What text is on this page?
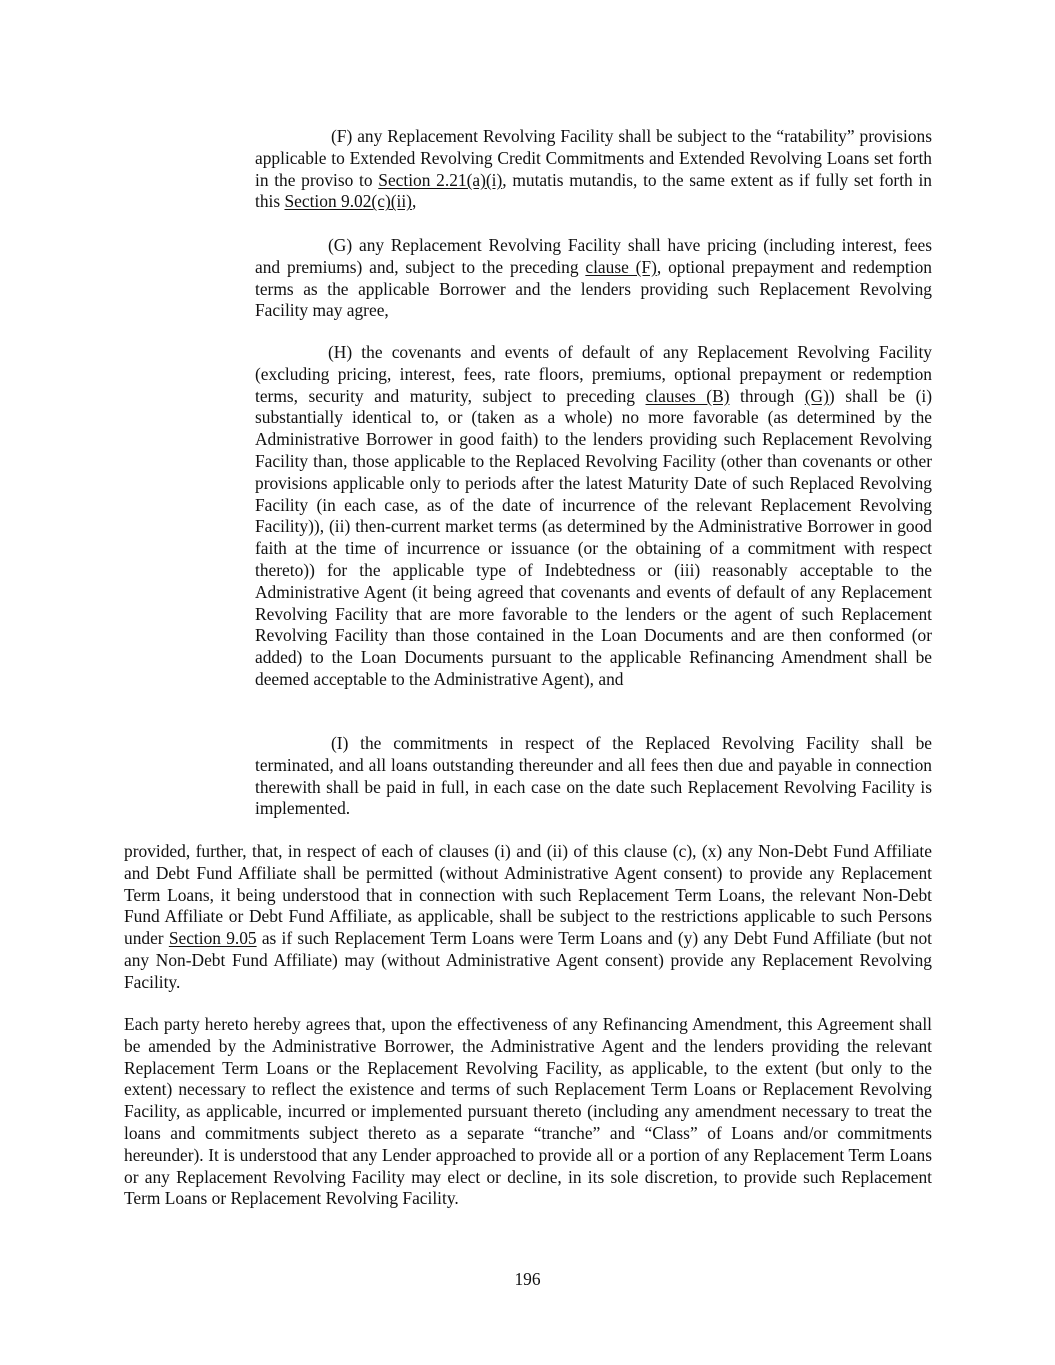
(F) any Replacement Revolving Facility shall be subject to the “ratability” provisions applicable to Extended Revolving Credit Commitments and Extended Revolving Loans set forth in the proviso to Section 2.21(a)(i), mutatis mutandis, to the same extent as if fully set forth in this Section 9.02(c)(ii),

(G) any Replacement Revolving Facility shall have pricing (including interest, fees and premiums) and, subject to the preceding clause (F), optional prepayment and redemption terms as the applicable Borrower and the lenders providing such Replacement Revolving Facility may agree,

(H) the covenants and events of default of any Replacement Revolving Facility (excluding pricing, interest, fees, rate floors, premiums, optional prepayment or redemption terms, security and maturity, subject to preceding clauses (B) through (G)) shall be (i) substantially identical to, or (taken as a whole) no more favorable (as determined by the Administrative Borrower in good faith) to the lenders providing such Replacement Revolving Facility than, those applicable to the Replaced Revolving Facility (other than covenants or other provisions applicable only to periods after the latest Maturity Date of such Replaced Revolving Facility (in each case, as of the date of incurrence of the relevant Replacement Revolving Facility)), (ii) then-current market terms (as determined by the Administrative Borrower in good faith at the time of incurrence or issuance (or the obtaining of a commitment with respect thereto)) for the applicable type of Indebtedness or (iii) reasonably acceptable to the Administrative Agent (it being agreed that covenants and events of default of any Replacement Revolving Facility that are more favorable to the lenders or the agent of such Replacement Revolving Facility than those contained in the Loan Documents and are then conformed (or added) to the Loan Documents pursuant to the applicable Refinancing Amendment shall be deemed acceptable to the Administrative Agent), and

(I) the commitments in respect of the Replaced Revolving Facility shall be terminated, and all loans outstanding thereunder and all fees then due and payable in connection therewith shall be paid in full, in each case on the date such Replacement Revolving Facility is implemented.

provided, further, that, in respect of each of clauses (i) and (ii) of this clause (c), (x) any Non-Debt Fund Affiliate and Debt Fund Affiliate shall be permitted (without Administrative Agent consent) to provide any Replacement Term Loans, it being understood that in connection with such Replacement Term Loans, the relevant Non-Debt Fund Affiliate or Debt Fund Affiliate, as applicable, shall be subject to the restrictions applicable to such Persons under Section 9.05 as if such Replacement Term Loans were Term Loans and (y) any Debt Fund Affiliate (but not any Non-Debt Fund Affiliate) may (without Administrative Agent consent) provide any Replacement Revolving Facility.

Each party hereto hereby agrees that, upon the effectiveness of any Refinancing Amendment, this Agreement shall be amended by the Administrative Borrower, the Administrative Agent and the lenders providing the relevant Replacement Term Loans or the Replacement Revolving Facility, as applicable, to the extent (but only to the extent) necessary to reflect the existence and terms of such Replacement Term Loans or Replacement Revolving Facility, as applicable, incurred or implemented pursuant thereto (including any amendment necessary to treat the loans and commitments subject thereto as a separate “tranche” and “Class” of Loans and/or commitments hereunder). It is understood that any Lender approached to provide all or a portion of any Replacement Term Loans or any Replacement Revolving Facility may elect or decline, in its sole discretion, to provide such Replacement Term Loans or Replacement Revolving Facility.

196
